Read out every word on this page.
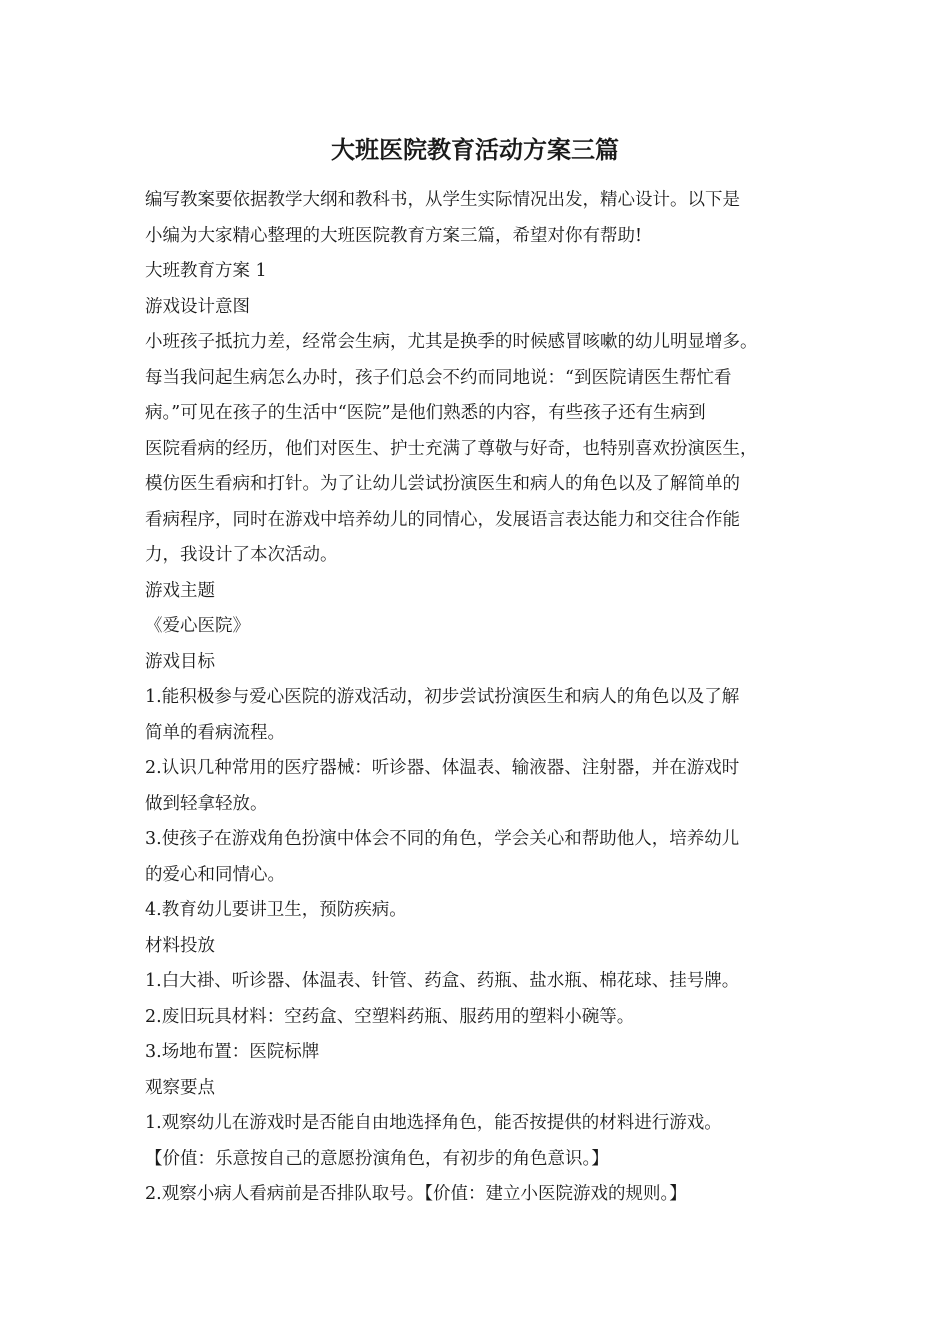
大班医院教育活动方案三篇
编写教案要依据教学大纲和教科书，从学生实际情况出发，精心设计。以下是
小编为大家精心整理的大班医院教育方案三篇，希望对你有帮助!
大班教育方案 1
游戏设计意图
小班孩子抵抗力差，经常会生病，尤其是换季的时候感冒咳嗽的幼儿明显增多。
每当我问起生病怎么办时，孩子们总会不约而同地说：“到医院请医生帮忙看
病。”可见在孩子的生活中“医院”是他们熟悉的内容，有些孩子还有生病到
医院看病的经历，他们对医生、护士充满了尊敬与好奇，也特别喜欢扮演医生，
模仿医生看病和打针。为了让幼儿尝试扮演医生和病人的角色以及了解简单的
看病程序，同时在游戏中培养幼儿的同情心，发展语言表达能力和交往合作能
力，我设计了本次活动。
游戏主题
《爱心医院》
游戏目标
1.能积极参与爱心医院的游戏活动，初步尝试扮演医生和病人的角色以及了解
简单的看病流程。
2.认识几种常用的医疗器械：听诊器、体温表、输液器、注射器，并在游戏时
做到轻拿轻放。
3.使孩子在游戏角色扮演中体会不同的角色，学会关心和帮助他人，培养幼儿
的爱心和同情心。
4.教育幼儿要讲卫生，预防疾病。
材料投放
1.白大褂、听诊器、体温表、针管、药盒、药瓶、盐水瓶、棉花球、挂号牌。
2.废旧玩具材料：空药盒、空塑料药瓶、服药用的塑料小碗等。
3.场地布置：医院标牌
观察要点
1.观察幼儿在游戏时是否能自由地选择角色，能否按提供的材料进行游戏。
【价值：乐意按自己的意愿扮演角色，有初步的角色意识。】
2.观察小病人看病前是否排队取号。【价值：建立小医院游戏的规则。】
